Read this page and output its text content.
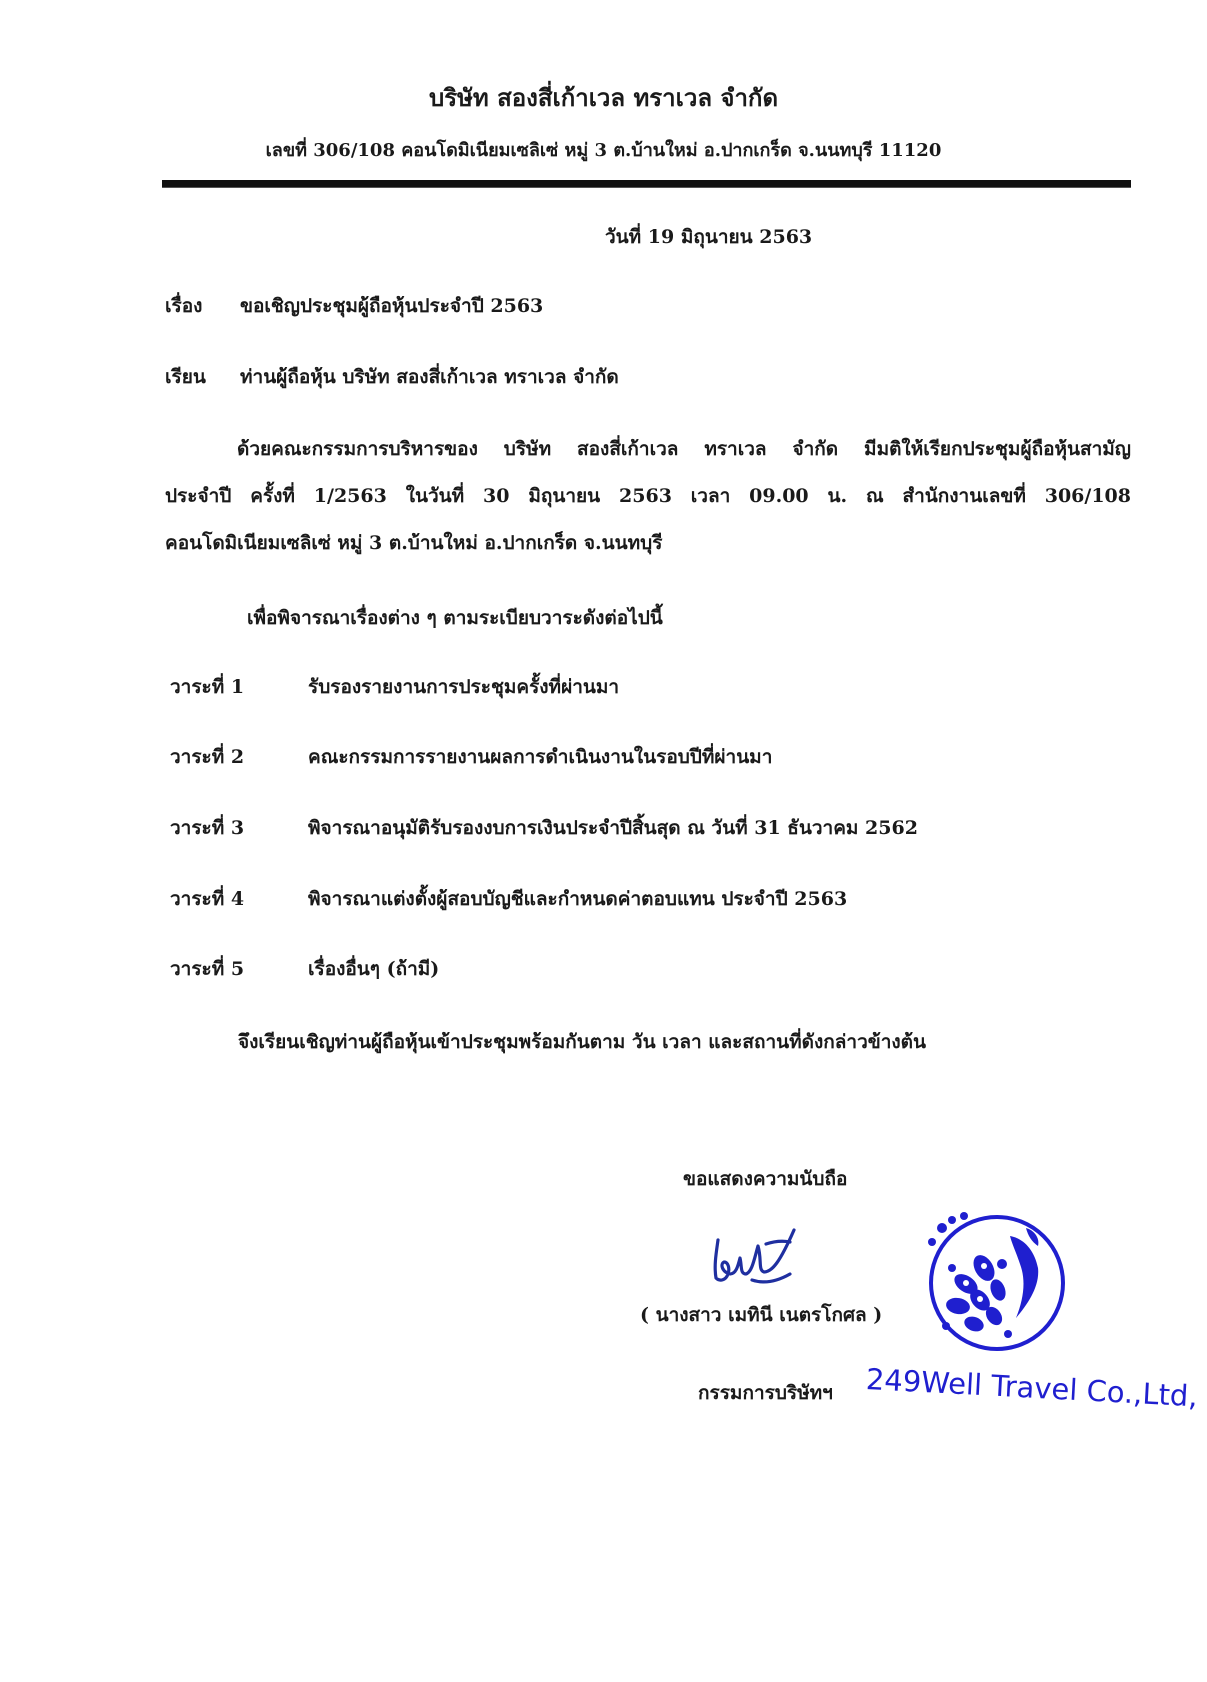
บริษัท สองสี่เก้าเวล ทราเวล จำกัด
เลขที่ 306/108 คอนโดมิเนียมเซลิเซ่ หมู่ 3 ต.บ้านใหม่ อ.ปากเกร็ด จ.นนทบุรี 11120
วันที่ 19 มิถุนายน 2563
เรื่อง ขอเชิญประชุมผู้ถือหุ้นประจำปี 2563
เรียน ท่านผู้ถือหุ้น บริษัท สองสี่เก้าเวล ทราเวล จำกัด
ด้วยคณะกรรมการบริหารของ บริษัท สองสี่เก้าเวล ทราเวล จำกัด มีมติให้เรียกประชุมผู้ถือหุ้นสามัญ
ประจำปี ครั้งที่ 1/2563 ในวันที่ 30 มิถุนายน 2563 เวลา 09.00 น. ณ สำนักงานเลขที่ 306/108
คอนโดมิเนียมเซลิเซ่ หมู่ 3 ต.บ้านใหม่ อ.ปากเกร็ด จ.นนทบุรี
เพื่อพิจารณาเรื่องต่าง ๆ ตามระเบียบวาระดังต่อไปนี้
วาระที่ 1	รับรองรายงานการประชุมครั้งที่ผ่านมา
วาระที่ 2	คณะกรรมการรายงานผลการดำเนินงานในรอบปีที่ผ่านมา
วาระที่ 3	พิจารณาอนุมัติรับรองงบการเงินประจำปีสิ้นสุด ณ วันที่ 31 ธันวาคม 2562
วาระที่ 4	พิจารณาแต่งตั้งผู้สอบบัญชีและกำหนดค่าตอบแทน ประจำปี 2563
วาระที่ 5	เรื่องอื่นๆ (ถ้ามี)
จึงเรียนเชิญท่านผู้ถือหุ้นเข้าประชุมพร้อมกันตาม วัน เวลา และสถานที่ดังกล่าวข้างต้น
ขอแสดงความนับถือ
( นางสาว เมทินี เนตรโกศล )
กรรมการบริษัทฯ 249Well Travel Co.,Ltd,
